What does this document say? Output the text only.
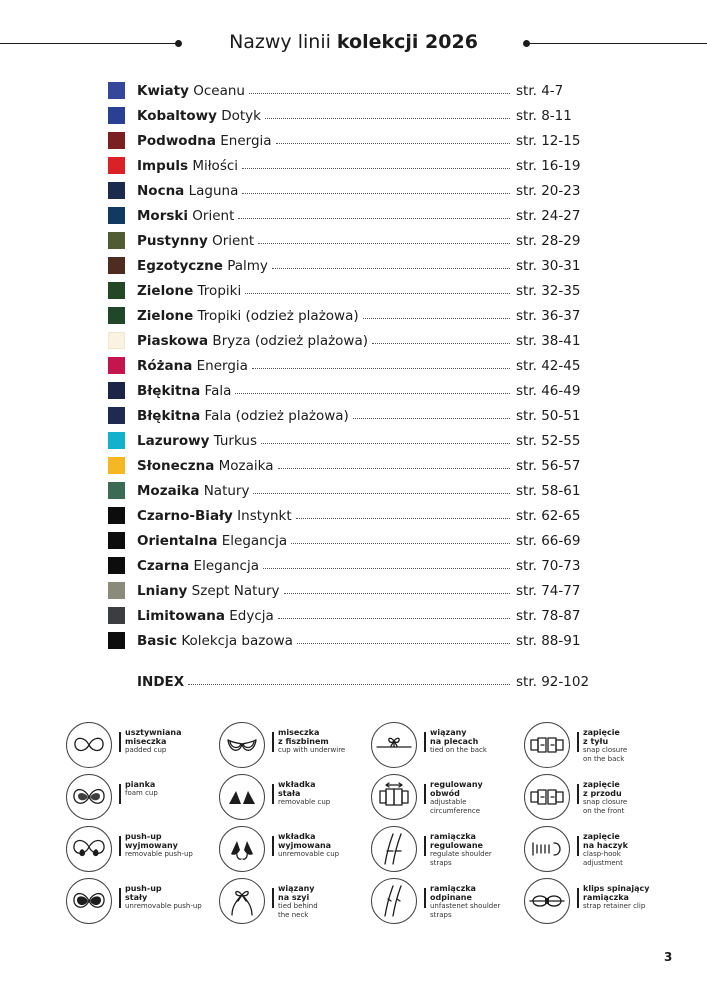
Nazwy linii kolekcji 2026
Kwiaty Oceanu	str. 4-7
Kobaltowy Dotyk	str. 8-11
Podwodna Energia	str. 12-15
Impuls Miłości	str. 16-19
Nocna Laguna	str. 20-23
Morski Orient	str. 24-27
Pustynny Orient	str. 28-29
Egzotyczne Palmy	str. 30-31
Zielone Tropiki	str. 32-35
Zielone Tropiki (odzież plażowa)	str. 36-37
Piaskowa Bryza (odzież plażowa)	str. 38-41
Różana Energia	str. 42-45
Błękitna Fala	str. 46-49
Błękitna Fala (odzież plażowa)	str. 50-51
Lazurowy Turkus	str. 52-55
Słoneczna Mozaika	str. 56-57
Mozaika Natury	str. 58-61
Czarno-Biały Instynkt	str. 62-65
Orientalna Elegancja	str. 66-69
Czarna Elegancja	str. 70-73
Lniany Szept Natury	str. 74-77
Limitowana Edycja	str. 78-87
Basic Kolekcja bazowa	str. 88-91
INDEX	str. 92-102
usztywniana
miseczka
padded cup
miseczka
z fiszbinem
cup with underwire
wiązany
na plecach
tied on the back
zapięcie
z tyłu
snap closure
on the back
pianka
foam cup
wkładka
stała
removable cup
regulowany
obwód
adjustable
circumference
zapięcie
z przodu
snap closure
on the front
push-up
wyjmowany
removable push-up
wkładka
wyjmowana
unremovable cup
ramiączka
regulowane
regulate shoulder
straps
zapięcie
na haczyk
clasp-hook
adjustment
push-up
stały
unremovable push-up
wiązany
na szyi
tied behind
the neck
ramiączka
odpinane
unfastenet shoulder
straps
klips spinający
ramiączka
strap retainer clip
3
